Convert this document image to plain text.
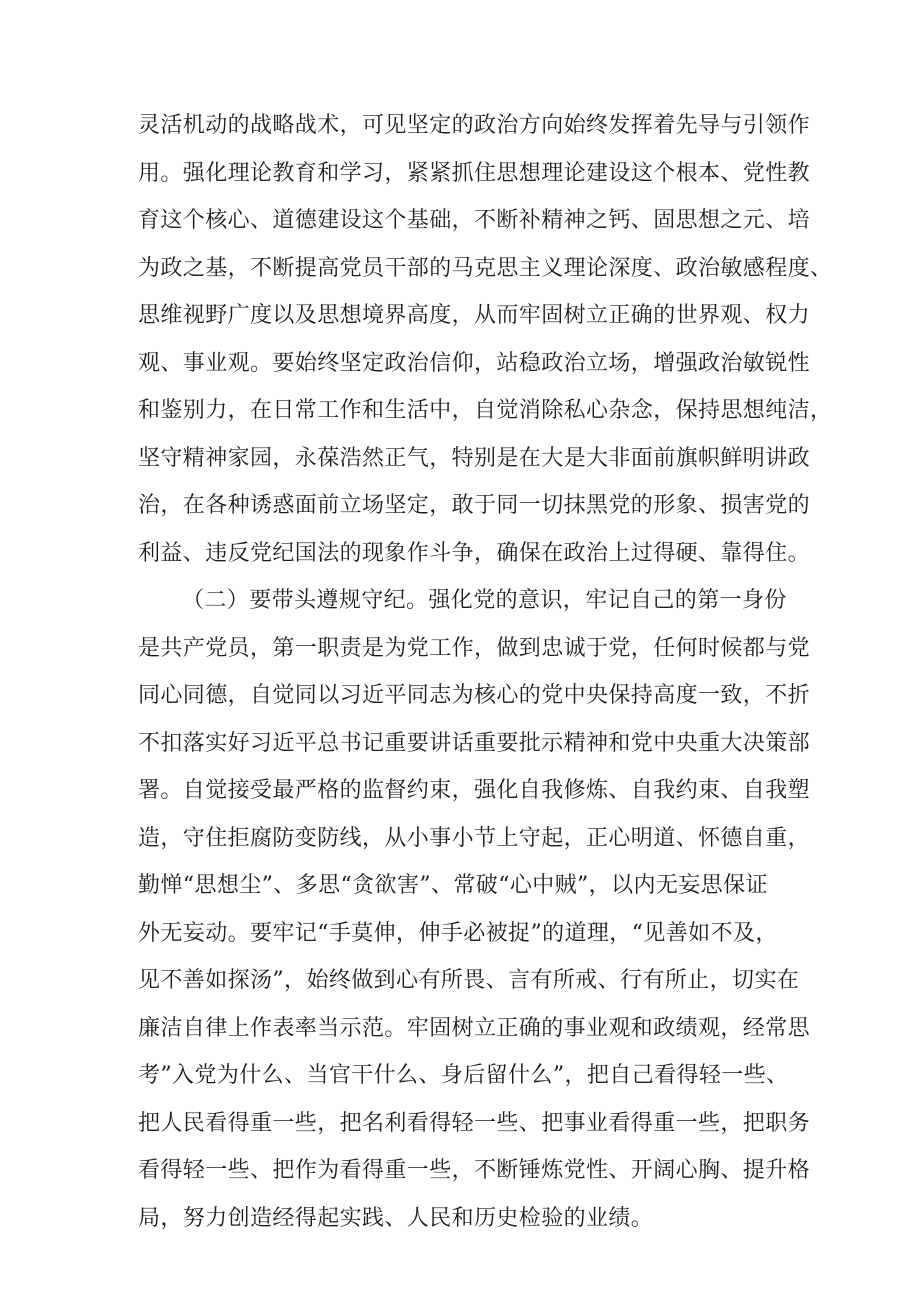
灵活机动的战略战术，可见坚定的政治方向始终发挥着先导与引领作

用。强化理论教育和学习，紧紧抓住思想理论建设这个根本、党性教

育这个核心、道德建设这个基础，不断补精神之钙、固思想之元、培

为政之基，不断提高党员干部的马克思主义理论深度、政治敏感程度、

思维视野广度以及思想境界高度，从而牢固树立正确的世界观、权力

观、事业观。要始终坚定政治信仰，站稳政治立场，增强政治敏锐性

和鉴别力，在日常工作和生活中，自觉消除私心杂念，保持思想纯洁，

坚守精神家园，永葆浩然正气，特别是在大是大非面前旗帜鲜明讲政

治，在各种诱惑面前立场坚定，敢于同一切抹黑党的形象、损害党的

利益、违反党纪国法的现象作斗争，确保在政治上过得硬、靠得住。

（二）要带头遵规守纪。强化党的意识，牢记自己的第一身份

是共产党员，第一职责是为党工作，做到忠诚于党，任何时候都与党

同心同德，自觉同以习近平同志为核心的党中央保持高度一致，不折

不扣落实好习近平总书记重要讲话重要批示精神和党中央重大决策部

署。自觉接受最严格的监督约束，强化自我修炼、自我约束、自我塑

造，守住拒腐防变防线，从小事小节上守起，正心明道、怀德自重，

勤惮“思想尘”、多思“贪欲害”、常破“心中贼”，以内无妄思保证

外无妄动。要牢记“手莫伸，伸手必被捉”的道理，“见善如不及，

见不善如探汤”，始终做到心有所畏、言有所戒、行有所止，切实在

廉洁自律上作表率当示范。牢固树立正确的事业观和政绩观，经常思

考”入党为什么、当官干什么、身后留什么”，把自己看得轻一些、

把人民看得重一些，把名利看得轻一些、把事业看得重一些，把职务

看得轻一些、把作为看得重一些，不断锤炼党性、开阔心胸、提升格

局，努力创造经得起实践、人民和历史检验的业绩。
